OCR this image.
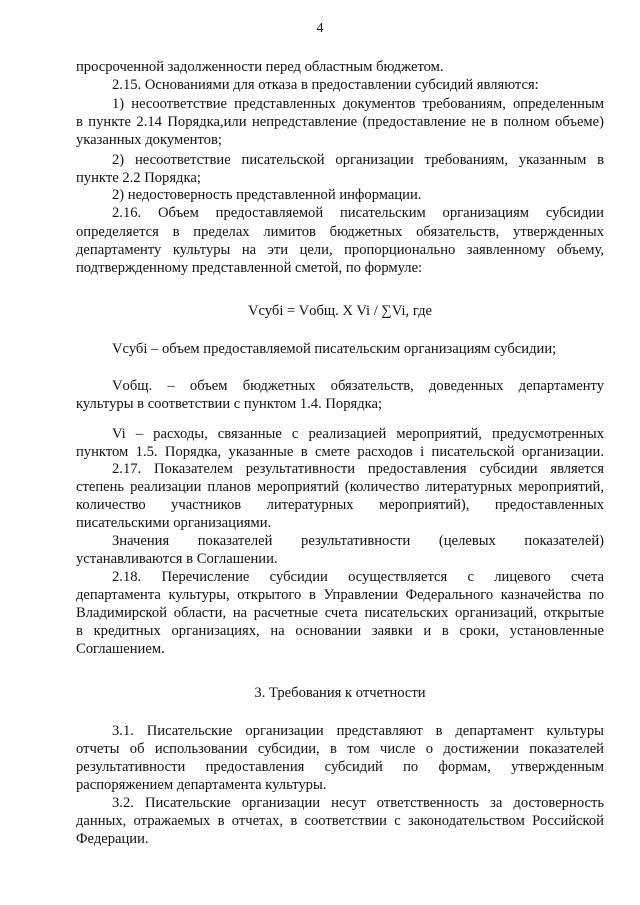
4

просроченной задолженности перед областным бюджетом.

2.15. Основаниями для отказа в предоставлении субсидий являются:

1) несоответствие представленных документов требованиям, определенным

в пункте 2.14 Порядка,или непредставление (предоставление не в полном объеме)

указанных документов;

2) несоответствие писательской организации требованиям, указанным в

пункте 2.2 Порядка;

2) недостоверность представленной информации.

2.16. Объем предоставляемой писательским организациям субсидии

определяется в пределах лимитов бюджетных обязательств, утвержденных

департаменту культуры на эти цели, пропорционально заявленному объему,

подтвержденному представленной сметой, по формуле:

Vсубi = Vобщ. X Vi / ∑Vi, где

Vсубi – объем предоставляемой писательским организациям субсидии;

Vобщ. – объем бюджетных обязательств, доведенных департаменту

культуры в соответствии с пунктом 1.4. Порядка;

Vi – расходы, связанные с реализацией мероприятий, предусмотренных

пунктом 1.5. Порядка, указанные в смете расходов i писательской организации.

2.17. Показателем результативности предоставления субсидии является

степень реализации планов мероприятий (количество литературных мероприятий,

количество участников литературных мероприятий), предоставленных

писательскими организациями.

Значения показателей результативности (целевых показателей)

устанавливаются в Соглашении.

2.18. Перечисление субсидии осуществляется с лицевого счета

департамента культуры, открытого в Управлении Федерального казначейства по

Владимирской области, на расчетные счета писательских организаций, открытые

в кредитных организациях, на основании заявки и в сроки, установленные

Соглашением.

3. Требования к отчетности

3.1. Писательские организации представляют в департамент культуры

отчеты об использовании субсидии, в том числе о достижении показателей

результативности предоставления субсидий по формам, утвержденным

распоряжением департамента культуры.

3.2. Писательские организации несут ответственность за достоверность

данных, отражаемых в отчетах, в соответствии с законодательством Российской

Федерации.
